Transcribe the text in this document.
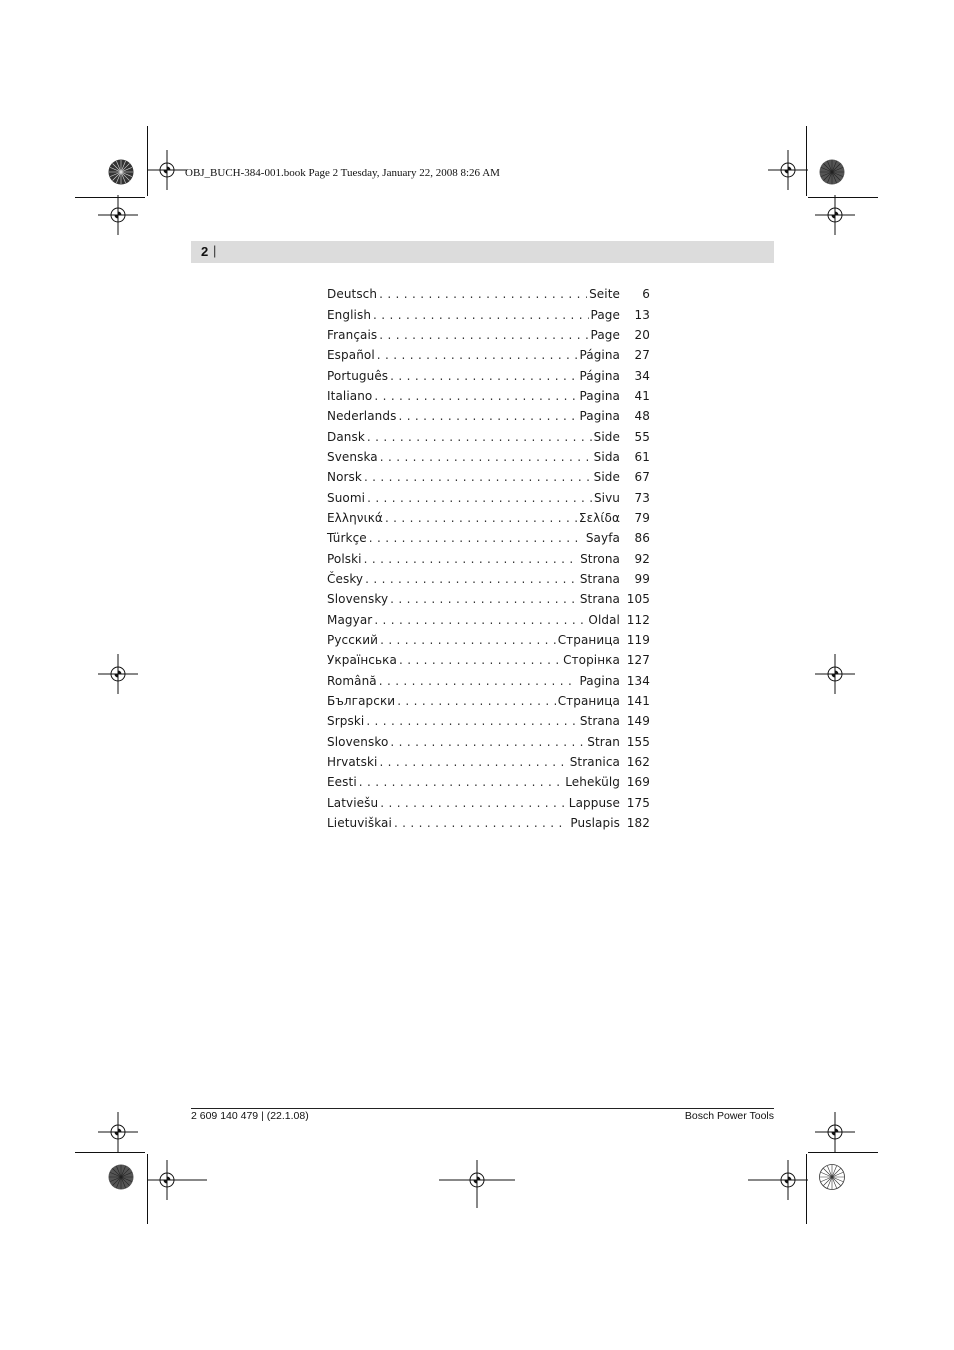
OBJ_BUCH-384-001.book Page 2 Tuesday, January 22, 2008 8:26 AM
2 |
Deutsch . . .	Seite	6
English . . .	Page	13
Français . . .	Page	20
Español . . .	Página	27
Português . . .	Página	34
Italiano . . .	Pagina	41
Nederlands . . .	Pagina	48
Dansk . . .	Side	55
Svenska . . .	Sida	61
Norsk . . .	Side	67
Suomi . . .	Sivu	73
Ελληνικά . . .	Σελίδα	79
Türkçe . . .	Sayfa	86
Polski . . .	Strona	92
Česky . . .	Strana	99
Slovensky . . .	Strana 105
Magyar . . .	Oldal 112
Русский . . .	Страница 119
Українська . . .	Сторінка 127
Română . . .	Pagina 134
Български . . .	Страница 141
Srpski . . .	Strana 149
Slovensko . . .	Stran 155
Hrvatski . . .	Stranica 162
Eesti . . .	Lehekülg 169
Latviešu . . .	Lappuse 175
Lietuviškai . . .	Puslapis 182
2 609 140 479 | (22.1.08)	Bosch Power Tools
